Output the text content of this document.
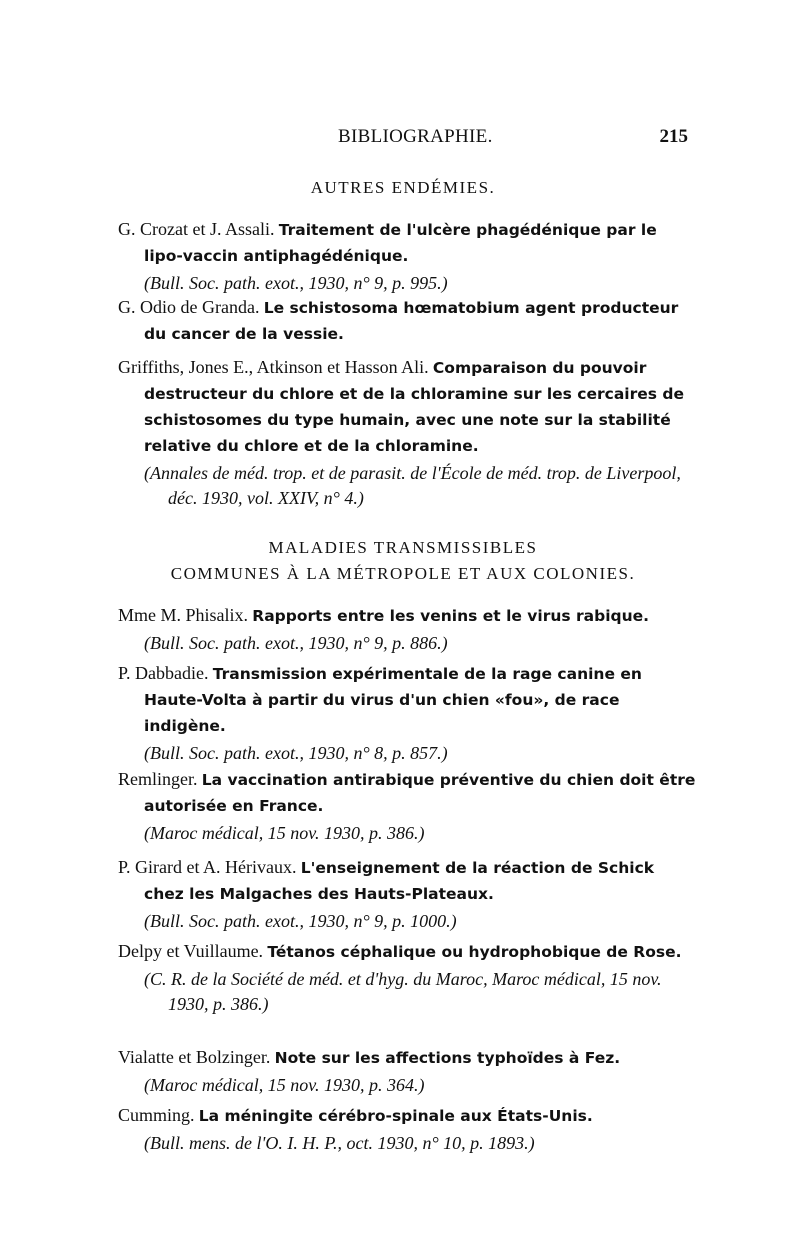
BIBLIOGRAPHIE.	215
AUTRES ENDÉMIES.

G. Crozat et J. Assali. Traitement de l'ulcère phagédénique par le lipo-vaccin antiphagédénique.

(Bull. Soc. path. exot., 1930, n° 9, p. 995.)

G. Odio de Granda. Le schistosoma hœmatobium agent producteur du cancer de la vessie.

Griffiths, Jones E., Atkinson et Hasson Ali. Comparaison du pouvoir destructeur du chlore et de la chloramine sur les cercaires de schistosomes du type humain, avec une note sur la stabilité relative du chlore et de la chloramine.

(Annales de méd. trop. et de parasit. de l'École de méd. trop. de Liverpool, déc. 1930, vol. XXIV, n° 4.)

MALADIES TRANSMISSIBLES
COMMUNES À LA MÉTROPOLE ET AUX COLONIES.

Mme M. Phisalix. Rapports entre les venins et le virus rabique.

(Bull. Soc. path. exot., 1930, n° 9, p. 886.)

P. Dabbadie. Transmission expérimentale de la rage canine en Haute-Volta à partir du virus d'un chien «fou», de race indigène.

(Bull. Soc. path. exot., 1930, n° 8, p. 857.)

Remlinger. La vaccination antirabique préventive du chien doit être autorisée en France.

(Maroc médical, 15 nov. 1930, p. 386.)

P. Girard et A. Hérivaux. L'enseignement de la réaction de Schick chez les Malgaches des Hauts-Plateaux.

(Bull. Soc. path. exot., 1930, n° 9, p. 1000.)

Delpy et Vuillaume. Tétanos céphalique ou hydrophobique de Rose.

(C. R. de la Société de méd. et d'hyg. du Maroc, Maroc médical, 15 nov. 1930, p. 386.)

Vialatte et Bolzinger. Note sur les affections typhoïdes à Fez.

(Maroc médical, 15 nov. 1930, p. 364.)

Cumming. La méningite cérébro-spinale aux États-Unis.

(Bull. mens. de l'O. I. H. P., oct. 1930, n° 10, p. 1893.)
